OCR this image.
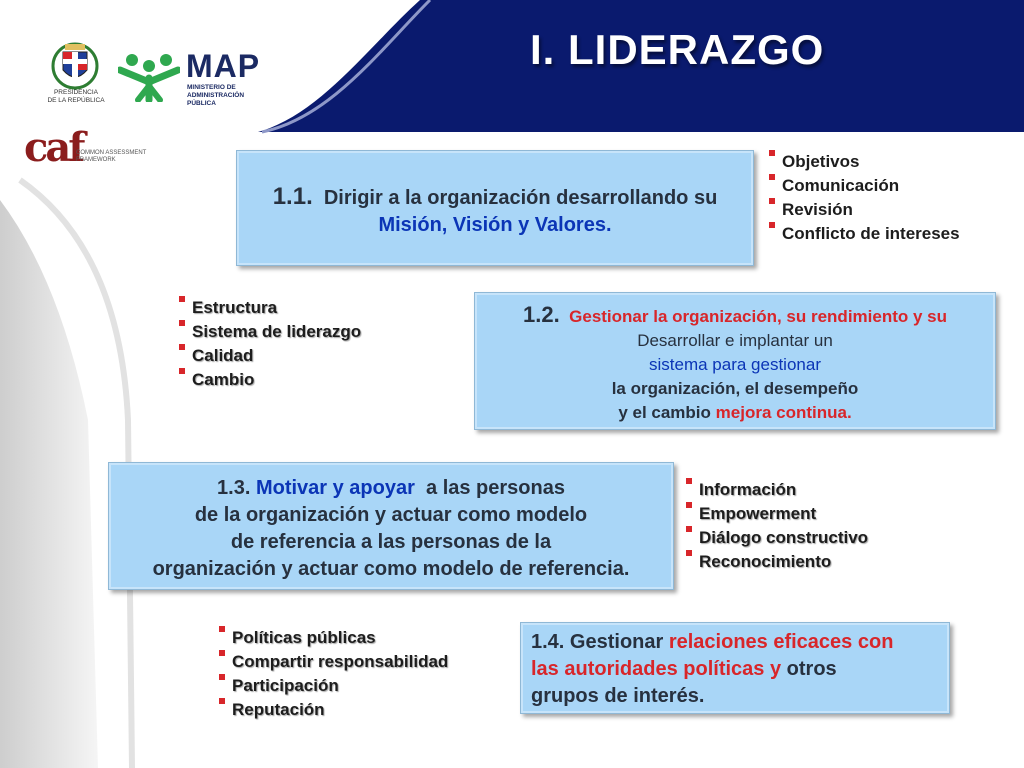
I. LIDERAZGO
PRESIDENCIA
DE LA REPÚBLICA
MAP
MINISTERIO DE
ADMINISTRACIÓN
PÚBLICA
caf
COMMON ASSESSMENT
FRAMEWORK
1.1. Dirigir a la organización desarrollando su
Misión, Visión y Valores.
Objetivos
Comunicación
Revisión
Conflicto de intereses
Estructura
Sistema de liderazgo
Calidad
Cambio
1.2. Gestionar la organización, su rendimiento y su
Desarrollar e implantar un
sistema para gestionar
la organización, el desempeño
y el cambio mejora continua.
1.3. Motivar y apoyar a las personas
de la organización y actuar como modelo
de referencia a las personas de la
organización y actuar como modelo de referencia.
Información
Empowerment
Diálogo constructivo
Reconocimiento
Políticas públicas
Compartir responsabilidad
Participación
Reputación
1.4. Gestionar relaciones eficaces con
las autoridades políticas y otros
grupos de interés.
